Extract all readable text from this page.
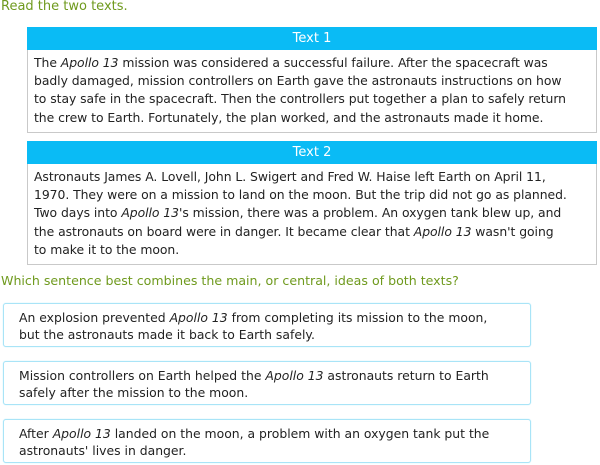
Read the two texts.
Text 1
The Apollo 13 mission was considered a successful failure. After the spacecraft was
badly damaged, mission controllers on Earth gave the astronauts instructions on how
to stay safe in the spacecraft. Then the controllers put together a plan to safely return
the crew to Earth. Fortunately, the plan worked, and the astronauts made it home.
Text 2
Astronauts James A. Lovell, John L. Swigert and Fred W. Haise left Earth on April 11,
1970. They were on a mission to land on the moon. But the trip did not go as planned.
Two days into Apollo 13's mission, there was a problem. An oxygen tank blew up, and
the astronauts on board were in danger. It became clear that Apollo 13 wasn't going
to make it to the moon.
Which sentence best combines the main, or central, ideas of both texts?
An explosion prevented Apollo 13 from completing its mission to the moon,
but the astronauts made it back to Earth safely.
Mission controllers on Earth helped the Apollo 13 astronauts return to Earth
safely after the mission to the moon.
After Apollo 13 landed on the moon, a problem with an oxygen tank put the
astronauts' lives in danger.
